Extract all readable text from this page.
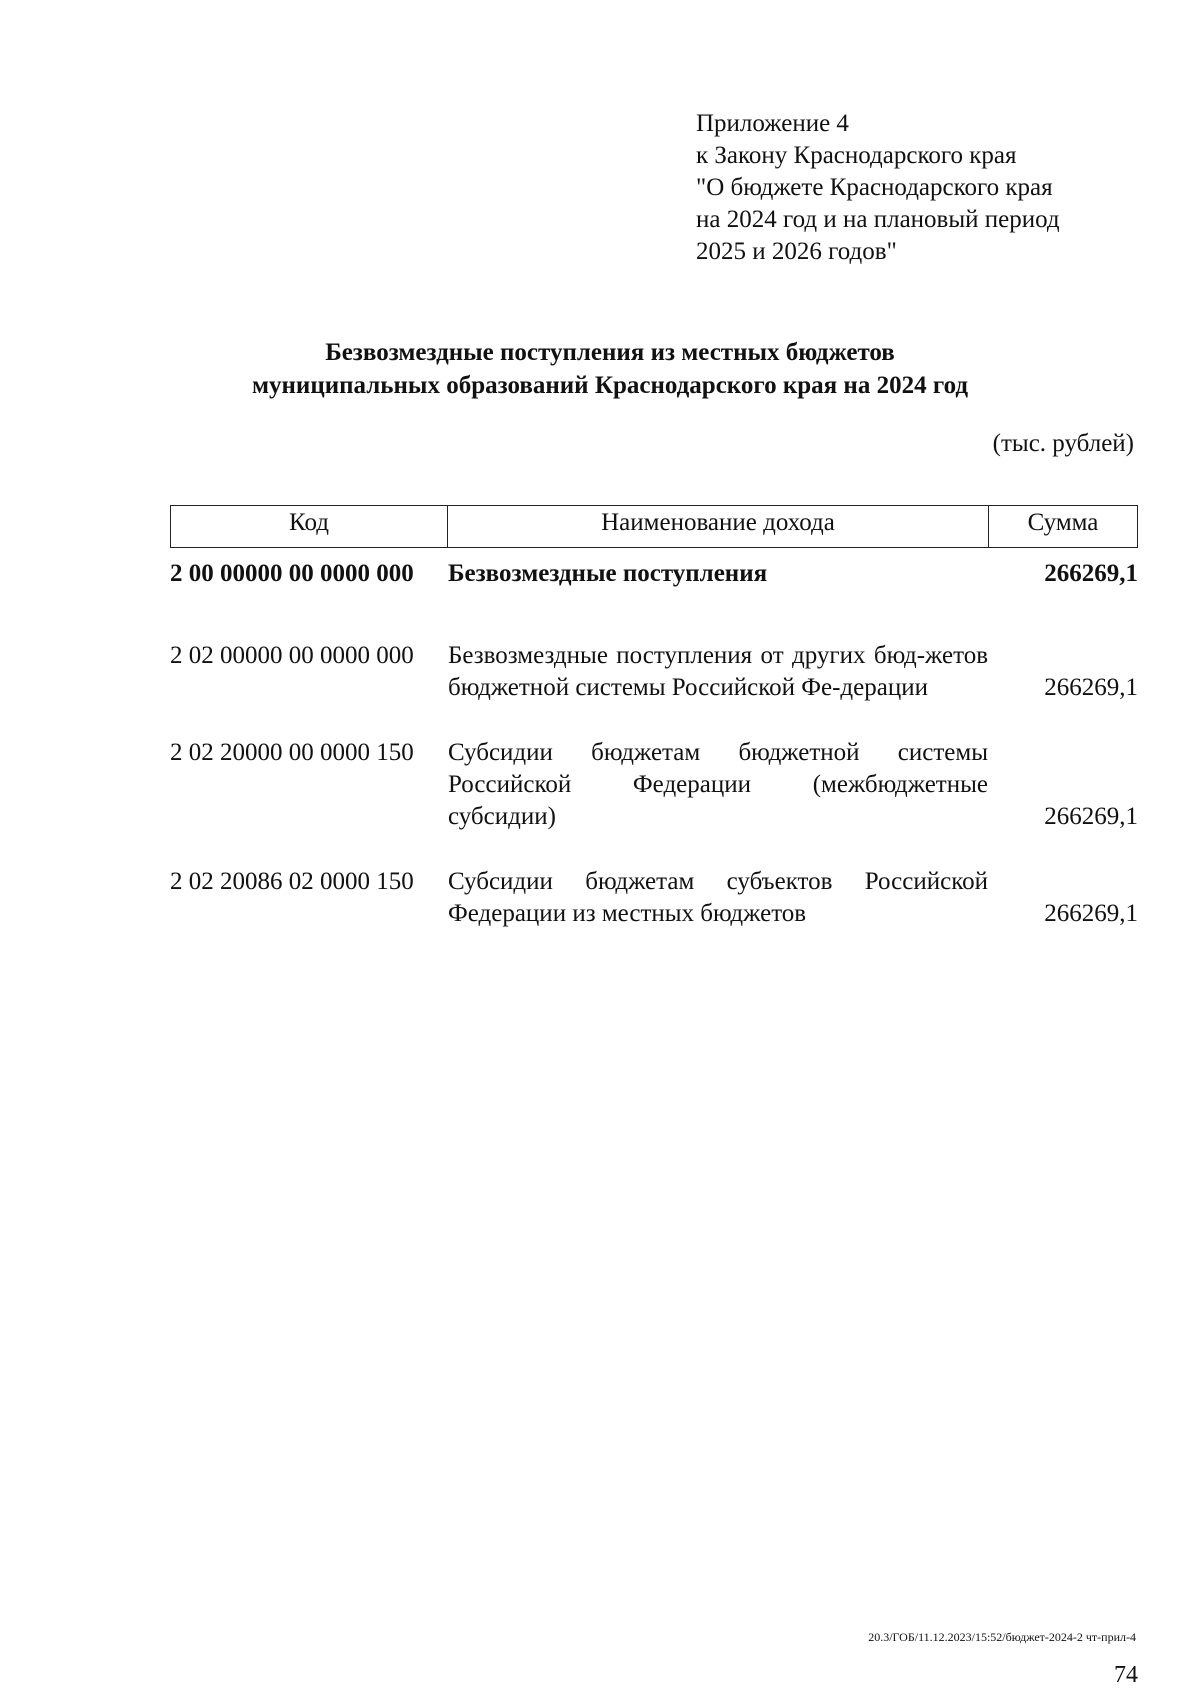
Приложение 4
к Закону Краснодарского края
"О бюджете Краснодарского края
на 2024 год и на плановый период
2025 и 2026 годов"
Безвозмездные поступления из местных бюджетов
муниципальных образований Краснодарского края на 2024 год
(тыс. рублей)
Код	Наименование дохода	Сумма
2 00 00000 00 0000 000	Безвозмездные поступления	266269,1
2 02 00000 00 0000 000	Безвозмездные поступления от других бюд-жетов бюджетной системы Российской Фе-дерации	266269,1
2 02 20000 00 0000 150	Субсидии бюджетам бюджетной системы Российской Федерации (межбюджетные субсидии)	266269,1
2 02 20086 02 0000 150	Субсидии бюджетам субъектов Российской Федерации из местных бюджетов	266269,1
20.3/ГОБ/11.12.2023/15:52/бюджет-2024-2 чт-прил-4
74
